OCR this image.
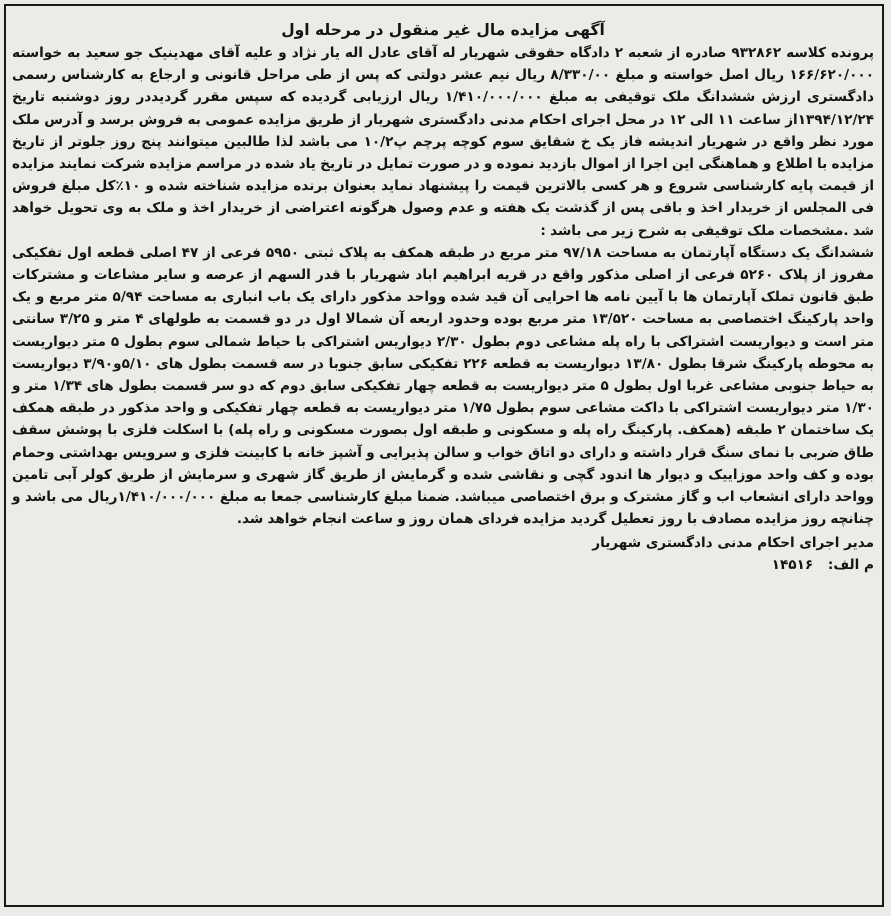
آگهی مزایده مال غیر منقول در مرحله اول

پرونده کلاسه ۹۳۲۸۶۲ صادره از شعبه ۲ دادگاه حقوقی شهریار له آقای عادل اله یار نژاد و علیه آقای مهدینیک جو سعید به خواسته ۱۶۶/۶۲۰/۰۰۰ ریال اصل خواسته و مبلغ ۸/۳۳۰/۰۰ ریال نیم عشر دولتی که پس از طی مراحل قانونی و ارجاع به کارشناس رسمی دادگستری ارزش ششدانگ ملک توقیفی به مبلغ ۱/۴۱۰/۰۰۰/۰۰۰ ریال ارزیابی گردیده که سپس مقرر گردیددر روز دوشنبه تاریخ ۱۳۹۴/۱۲/۲۴از ساعت ۱۱ الی ۱۲ در محل اجرای احکام مدنی دادگستری شهریار از طریق مزایده عمومی به فروش برسد و آدرس ملک مورد نظر واقع در شهریار اندیشه فاز یک خ شقایق سوم کوچه پرچم پ۱۰/۲ می باشد لذا طالبین میتوانند پنج روز جلوتر از تاریخ مزایده با اطلاع و هماهنگی این اجرا از اموال بازدید نموده و در صورت تمایل در تاریخ یاد شده در مراسم مزایده شرکت نمایند مزایده از قیمت پایه کارشناسی شروع و هر کسی بالاترین قیمت را پیشنهاد نماید بعنوان برنده مزایده شناخته شده و ۱۰٪کل مبلغ فروش فی المجلس از خریدار اخذ و باقی پس از گذشت یک هفته و عدم وصول هرگونه اعتراضی از خریدار اخذ و ملک به وی تحویل خواهد شد .مشخصات ملک توقیفی به شرح زیر می باشد :

ششدانگ یک دستگاه آپارتمان به مساحت ۹۷/۱۸ متر مربع در طبقه همکف به پلاک ثبتی ۵۹۵۰ فرعی از ۴۷ اصلی قطعه اول تفکیکی مفروز از پلاک ۵۲۶۰ فرعی از اصلی مذکور واقع در قریه ابراهیم اباد شهریار با قدر السهم از عرصه و سایر مشاعات و مشترکات طبق قانون تملک آپارتمان ها با آیین نامه ها احرایی آن قید شده وواحد مذکور دارای یک باب انباری به مساحت ۵/۹۴ متر مربع و یک واحد پارکینگ اختصاصی به مساحت ۱۳/۵۲۰ متر مربع بوده وحدود اربعه آن شمالا اول در دو قسمت به طولهای ۴ متر و ۳/۲۵ سانتی متر است و دیواریست اشتراکی با راه پله مشاعی دوم بطول ۲/۳۰ دیواریس اشتراکی با حیاط شمالی سوم بطول ۵ متر دیواریست به محوطه پارکینگ شرقا بطول ۱۳/۸۰ دیواریست به قطعه ۲۲۶ تفکیکی سابق جنوبا در سه قسمت بطول های ۵/۱۰و۳/۹۰ دیواریست به حیاط جنوبی مشاعی غربا اول بطول ۵ متر دیواریست به قطعه چهار تفکیکی سابق دوم که دو سر قسمت بطول های ۱/۳۴ متر و ۱/۳۰ متر دیواریست اشتراکی با داکت مشاعی سوم بطول ۱/۷۵ متر دیواریست به قطعه چهار تفکیکی و واحد مذکور در طبقه همکف یک ساختمان ۲ طبقه (همکف. پارکینگ راه پله و مسکونی و طبقه اول بصورت مسکونی و راه پله) با اسکلت فلزی با پوشش سقف طاق ضربی با نمای سنگ قرار داشته و دارای دو اتاق خواب و سالن پذیرایی و آشپز خانه با کابینت فلزی و سرویس بهداشتی وحمام بوده و کف واحد موزاییک و دیوار ها اندود گچی و نقاشی شده و گرمایش از طریق گاز شهری و سرمایش از طریق کولر آبی تامین وواحد دارای انشعاب اب و گاز مشترک و برق اختصاصی میباشد. ضمنا مبلغ کارشناسی جمعا به مبلغ ۱/۴۱۰/۰۰۰/۰۰۰ریال می باشد و چنانچه روز مزایده مصادف با روز تعطیل گردید مزایده فردای همان روز و ساعت انجام خواهد شد.

مدیر اجرای احکام مدنی دادگستری شهریار
م الف: ۱۴۵۱۶
